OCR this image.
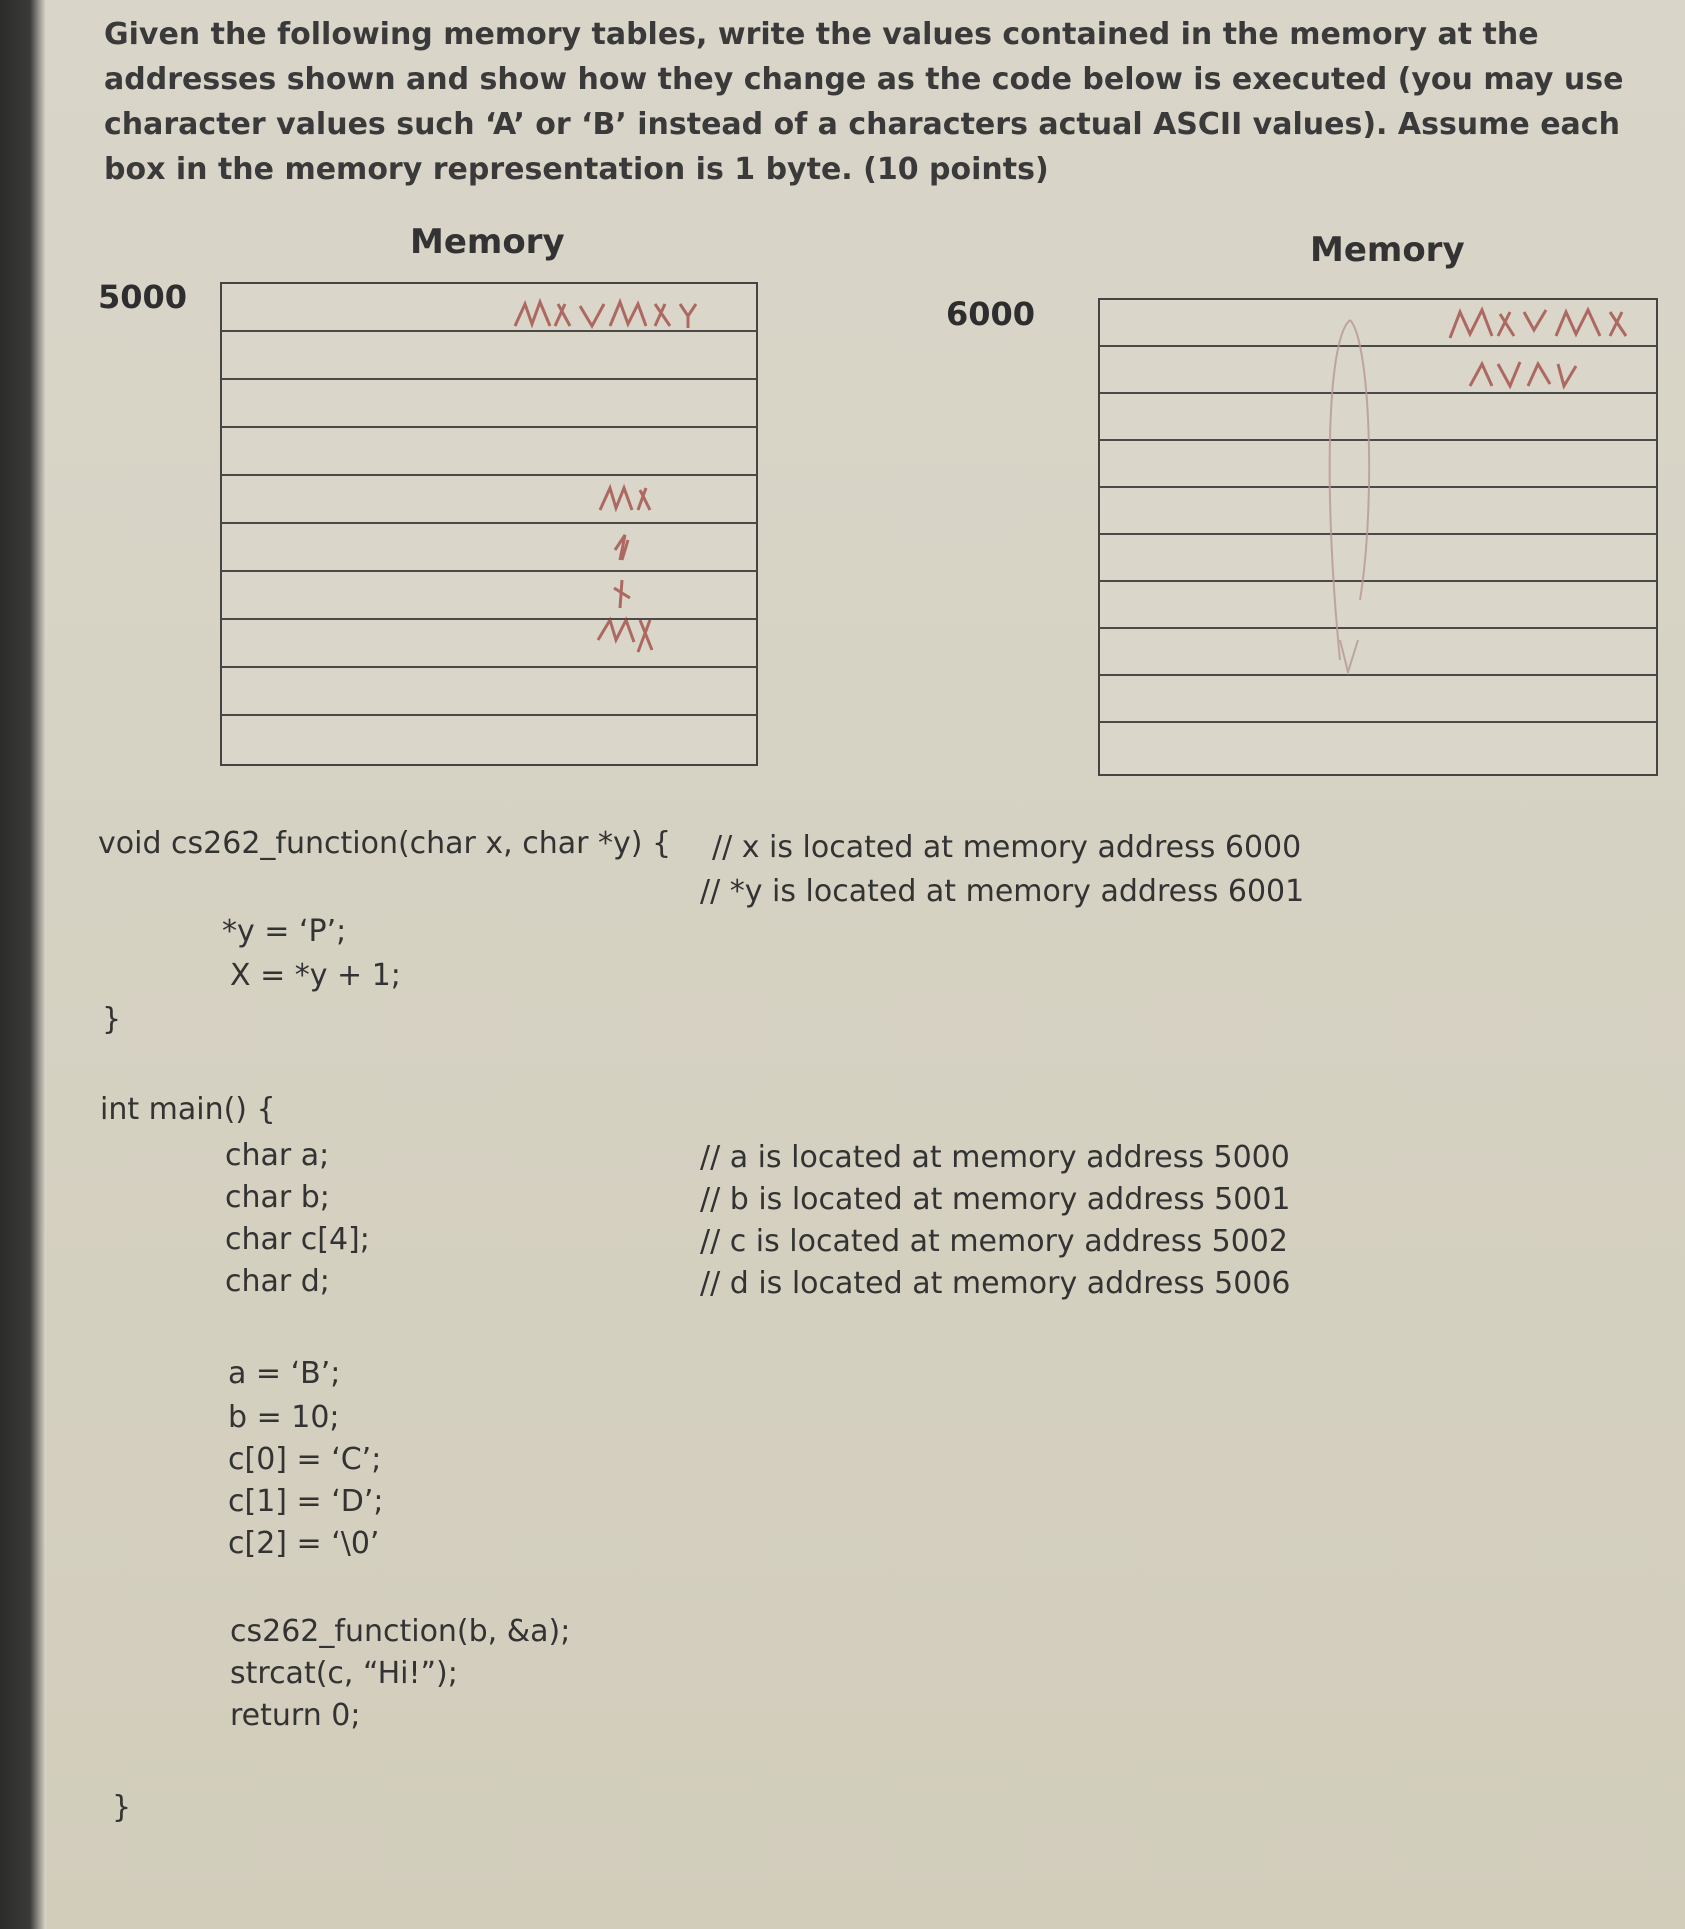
Given the following memory tables, write the values contained in the memory at the addresses shown and show how they change as the code below is executed (you may use character values such ‘A’ or ‘B’ instead of a characters actual ASCII values). Assume each box in the memory representation is 1 byte. (10 points)

Memory
5000
Memory
6000
void cs262_function(char x, char *y) { // x is located at memory address 6000
// *y is located at memory address 6001
*y = ‘P’;
X = *y + 1;
}
int main() {
char a;
char b;
char c[4];
char d;
// a is located at memory address 5000
// b is located at memory address 5001
// c is located at memory address 5002
// d is located at memory address 5006
a = ‘B’;
b = 10;
c[0] = ‘C’;
c[1] = ‘D’;
c[2] = ‘\0’
cs262_function(b, &a);
strcat(c, “Hi!”);
return 0;
}
